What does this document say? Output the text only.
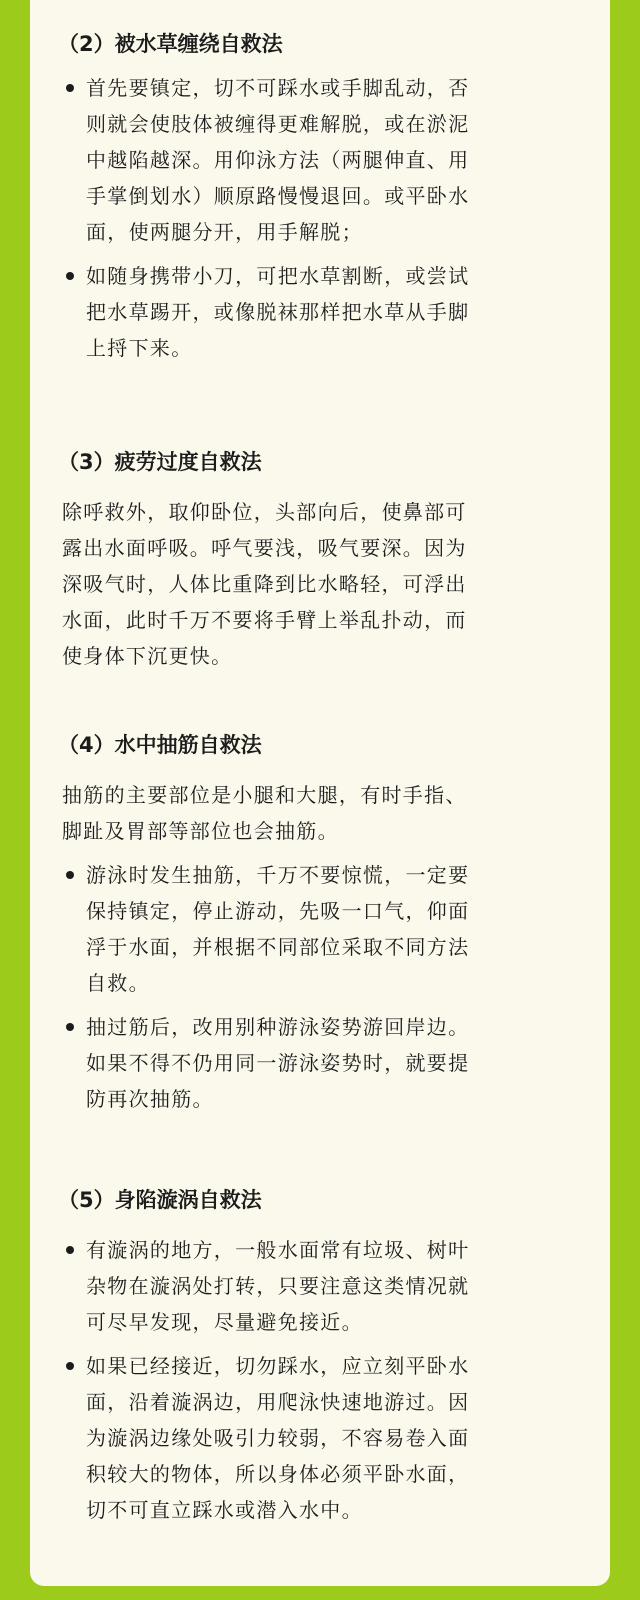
（2）被水草缠绕自救法
首先要镇定，切不可踩水或手脚乱动，否
则就会使肢体被缠得更难解脱，或在淤泥
中越陷越深。用仰泳方法（两腿伸直、用
手掌倒划水）顺原路慢慢退回。或平卧水
面，使两腿分开，用手解脱；
如随身携带小刀，可把水草割断，或尝试
把水草踢开，或像脱袜那样把水草从手脚
上捋下来。
（3）疲劳过度自救法

除呼救外，取仰卧位，头部向后，使鼻部可
露出水面呼吸。呼气要浅，吸气要深。因为
深吸气时，人体比重降到比水略轻，可浮出
水面，此时千万不要将手臂上举乱扑动，而
使身体下沉更快。

（4）水中抽筋自救法

抽筋的主要部位是小腿和大腿，有时手指、
脚趾及胃部等部位也会抽筋。

游泳时发生抽筋，千万不要惊慌，一定要
保持镇定，停止游动，先吸一口气，仰面
浮于水面，并根据不同部位采取不同方法
自救。
抽过筋后，改用别种游泳姿势游回岸边。
如果不得不仍用同一游泳姿势时，就要提
防再次抽筋。
（5）身陷漩涡自救法
有漩涡的地方，一般水面常有垃圾、树叶
杂物在漩涡处打转，只要注意这类情况就
可尽早发现，尽量避免接近。
如果已经接近，切勿踩水，应立刻平卧水
面，沿着漩涡边，用爬泳快速地游过。因
为漩涡边缘处吸引力较弱，不容易卷入面
积较大的物体，所以身体必须平卧水面，
切不可直立踩水或潜入水中。
